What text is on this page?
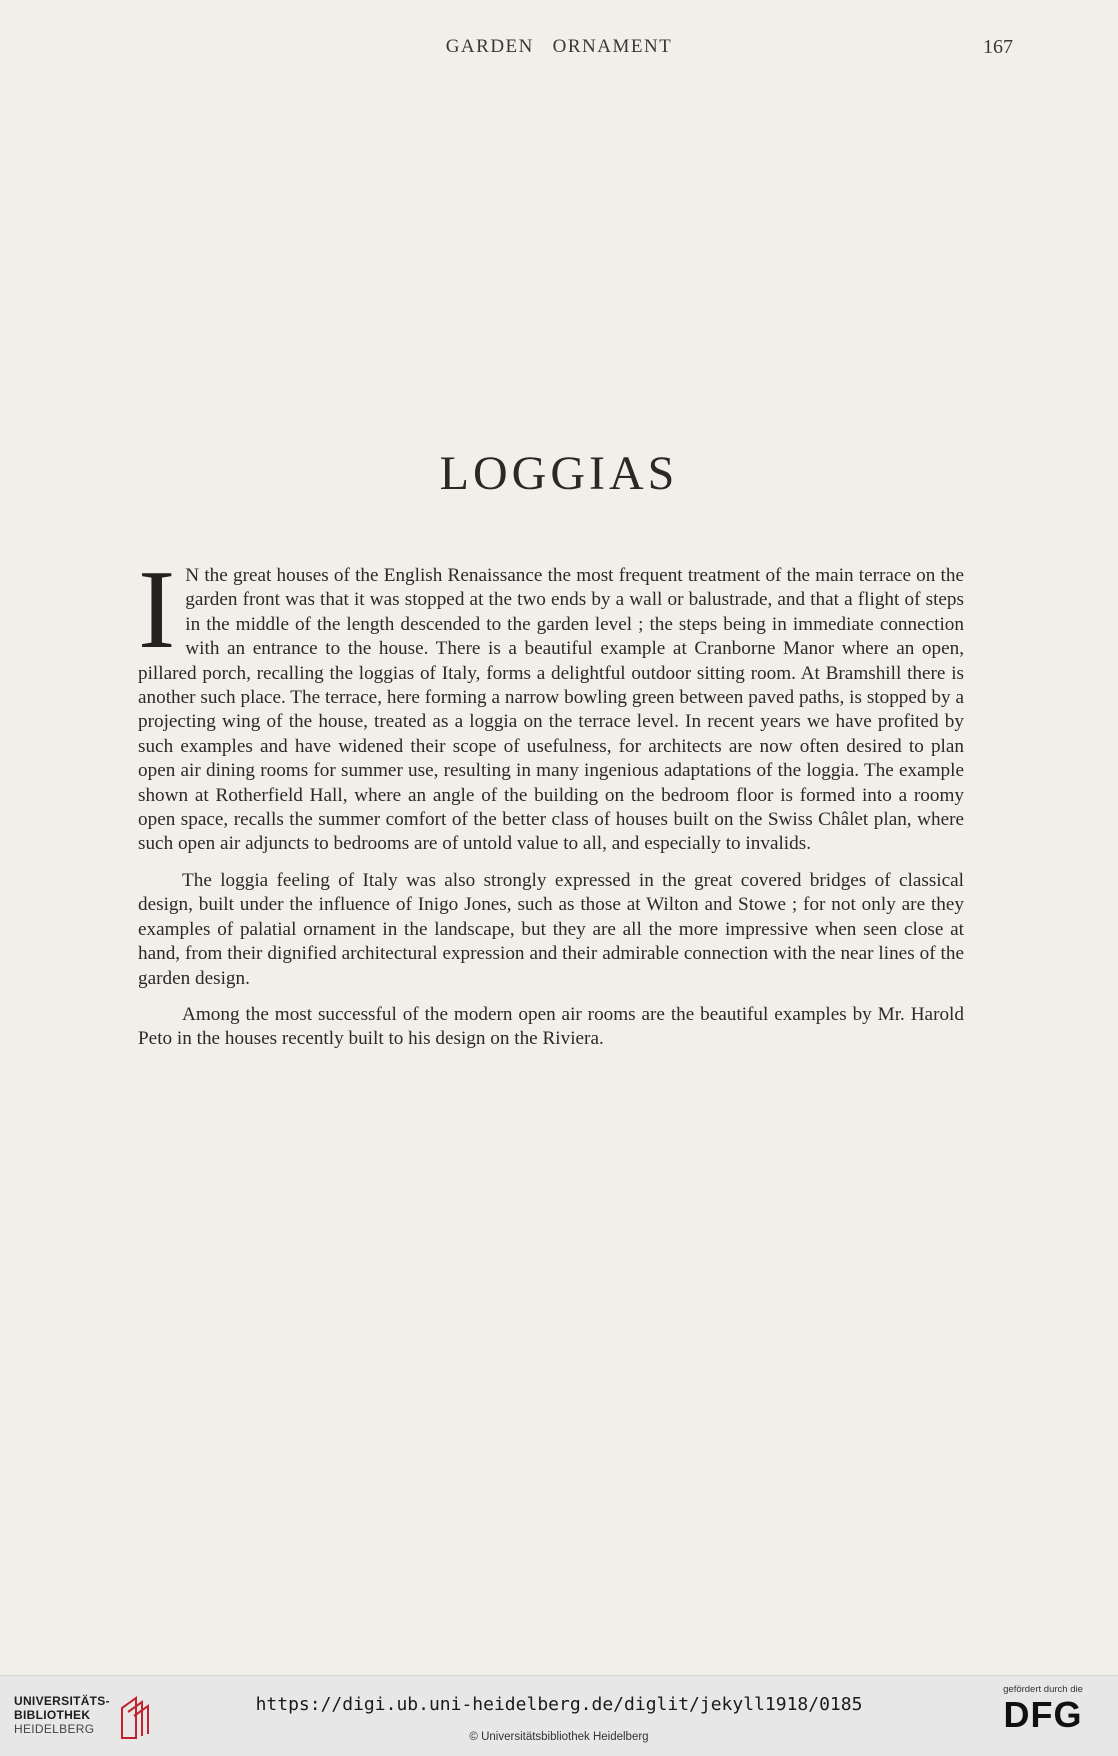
GARDEN   ORNAMENT	167
LOGGIAS

I N the great houses of the English Renaissance the most frequent treatment of the main terrace on the garden front was that it was stopped at the two ends by a wall or balustrade, and that a flight of steps in the middle of the length descended to the garden level ; the steps being in immediate connection with an entrance to the house. There is a beautiful example at Cranborne Manor where an open, pillared porch, recalling the loggias of Italy, forms a delightful outdoor sitting room. At Bramshill there is another such place. The terrace, here forming a narrow bowling green between paved paths, is stopped by a projecting wing of the house, treated as a loggia on the terrace level. In recent years we have profited by such examples and have widened their scope of usefulness, for architects are now often desired to plan open air dining rooms for summer use, resulting in many ingenious adaptations of the loggia. The example shown at Rotherfield Hall, where an angle of the building on the bedroom floor is formed into a roomy open space, recalls the summer comfort of the better class of houses built on the Swiss Châlet plan, where such open air adjuncts to bedrooms are of untold value to all, and especially to invalids.

The loggia feeling of Italy was also strongly expressed in the great covered bridges of classical design, built under the influence of Inigo Jones, such as those at Wilton and Stowe ; for not only are they examples of palatial ornament in the landscape, but they are all the more impressive when seen close at hand, from their dignified architectural expression and their admirable connection with the near lines of the garden design.

Among the most successful of the modern open air rooms are the beautiful examples by Mr. Harold Peto in the houses recently built to his design on the Riviera.

UNIVERSITÄTS-
BIBLIOTHEK
HEIDELBERG
https://digi.ub.uni-heidelberg.de/diglit/jekyll1918/0185
© Universitätsbibliothek Heidelberg
gefördert durch die
DFG
